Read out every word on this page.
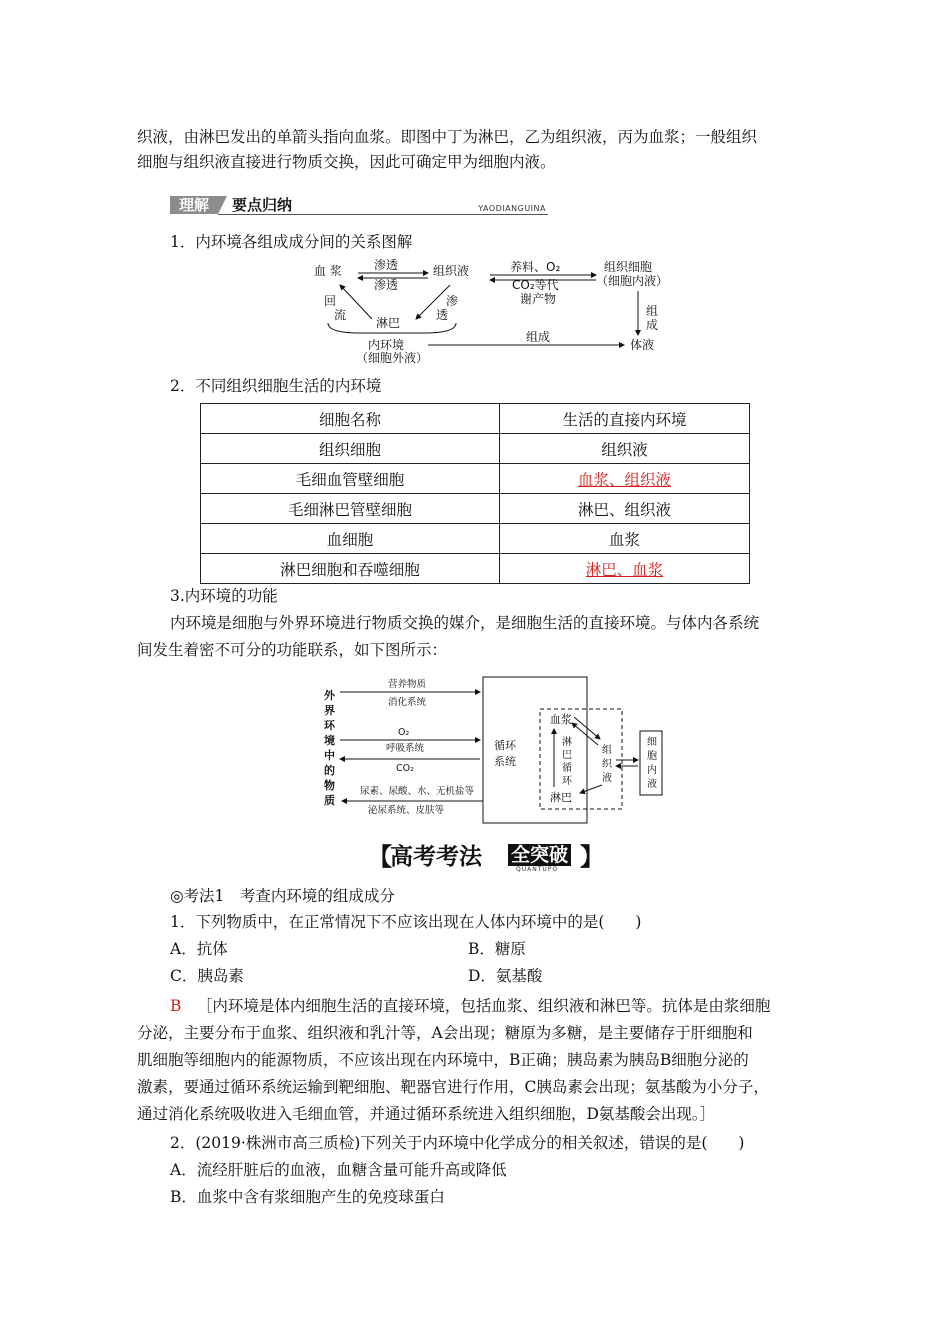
织液，由淋巴发出的单箭头指向血浆。即图中丁为淋巴，乙为组织液，丙为血浆；一般组织
细胞与组织液直接进行物质交换，因此可确定甲为细胞内液。
理解	要点归纳	YAODIANGUINA
1．内环境各组成成分间的关系图解
血 浆	渗透
渗透
组织液	养料、O₂
CO₂等代
谢产物
组织细胞
（细胞内液）
回
流
渗
透	组
成
淋巴
内环境
（细胞外液）
组成
体液
2．不同组织细胞生活的内环境
细胞名称	生活的直接内环境
组织细胞	组织液
毛细血管壁细胞	血浆、组织液
毛细淋巴管壁细胞	淋巴、组织液
血细胞	血浆
淋巴细胞和吞噬细胞	淋巴、血浆
3.内环境的功能
内环境是细胞与外界环境进行物质交换的媒介，是细胞生活的直接环境。与体内各系统
间发生着密不可分的功能联系，如下图所示：
外
界
环
境
中
的
物
质
营养物质
消化系统
O₂
呼吸系统
CO₂
尿素、尿酸、水、无机盐等
泌尿系统、皮肤等
循环
系统
血浆
淋巴
淋
巴
循
环
组
织
液
细
胞
内
液
【
高考考法 全突破
QUANTUPO 】
◎考法1　考查内环境的组成成分
1．下列物质中，在正常情况下不应该出现在人体内环境中的是(　　)
A．抗体	B．糖原
C．胰岛素	D．氨基酸
B  ［内环境是体内细胞生活的直接环境，包括血浆、组织液和淋巴等。抗体是由浆细胞
分泌，主要分布于血浆、组织液和乳汁等，A会出现；糖原为多糖，是主要储存于肝细胞和
肌细胞等细胞内的能源物质，不应该出现在内环境中，B正确；胰岛素为胰岛B细胞分泌的
激素，要通过循环系统运输到靶细胞、靶器官进行作用，C胰岛素会出现；氨基酸为小分子，
通过消化系统吸收进入毛细血管，并通过循环系统进入组织细胞，D氨基酸会出现。］
2．(2019·株洲市高三质检)下列关于内环境中化学成分的相关叙述，错误的是(　　)
A．流经肝脏后的血液，血糖含量可能升高或降低
B．血浆中含有浆细胞产生的免疫球蛋白
